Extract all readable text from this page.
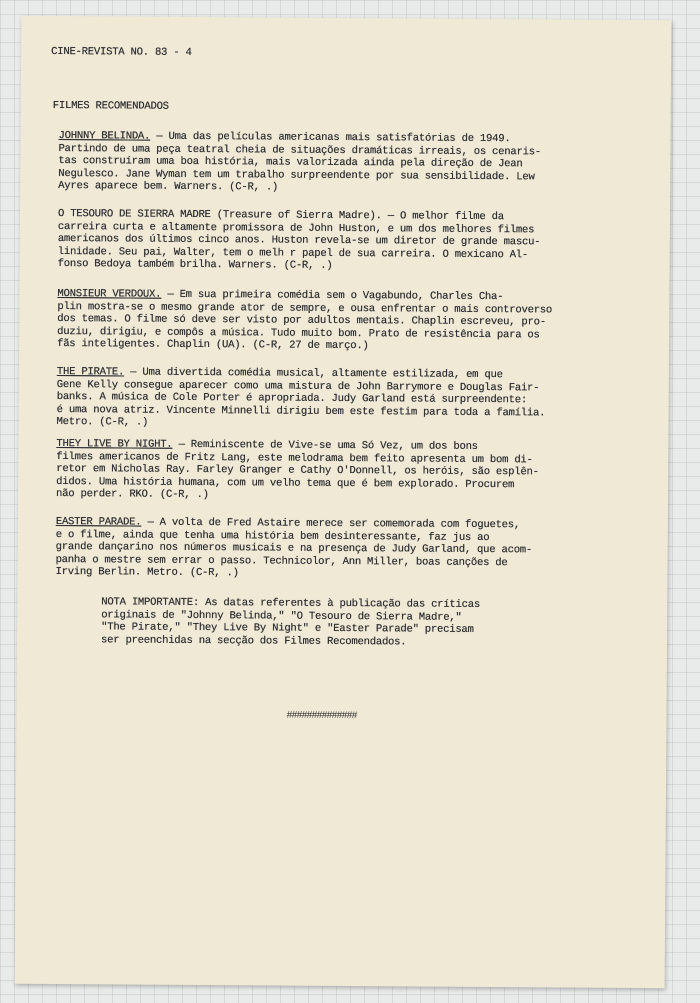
CINE-REVISTA NO. 83 - 4
FILMES RECOMENDADOS
JOHNNY BELINDA. — Uma das películas americanas mais satisfatórias de 1949.
Partindo de uma peça teatral cheia de situações dramáticas irreais, os cenaris-
tas construíram uma boa história, mais valorizada ainda pela direção de Jean
Negulesco. Jane Wyman tem um trabalho surpreendente por sua sensibilidade. Lew
Ayres aparece bem. Warners. (C-R, .)
O TESOURO DE SIERRA MADRE (Treasure of Sierra Madre). — O melhor filme da
carreira curta e altamente promissora de John Huston, e um dos melhores filmes
americanos dos últimos cinco anos. Huston revela-se um diretor de grande mascu-
linidade. Seu pai, Walter, tem o melh r papel de sua carreira. O mexicano Al-
fonso Bedoya também brilha. Warners. (C-R, .)
MONSIEUR VERDOUX. — Em sua primeira comédia sem o Vagabundo, Charles Cha-
plin mostra-se o mesmo grande ator de sempre, e ousa enfrentar o mais controverso
dos temas. O filme só deve ser visto por adultos mentais. Chaplin escreveu, pro-
duziu, dirigiu, e compôs a música. Tudo muito bom. Prato de resistência para os
fãs inteligentes. Chaplin (UA). (C-R, 27 de março.)
THE PIRATE. — Uma divertida comédia musical, altamente estilizada, em que
Gene Kelly consegue aparecer como uma mistura de John Barrymore e Douglas Fair-
banks. A música de Cole Porter é apropriada. Judy Garland está surpreendente:
é uma nova atriz. Vincente Minnelli dirigiu bem este festim para toda a família.
Metro. (C-R, .)
THEY LIVE BY NIGHT. — Reminiscente de Vive-se uma Só Vez, um dos bons
filmes americanos de Fritz Lang, este melodrama bem feito apresenta um bom di-
retor em Nicholas Ray. Farley Granger e Cathy O'Donnell, os heróis, são esplên-
didos. Uma história humana, com um velho tema que é bem explorado. Procurem
não perder. RKO. (C-R, .)
EASTER PARADE. — A volta de Fred Astaire merece ser comemorada com foguetes,
e o filme, ainda que tenha uma história bem desinteressante, faz jus ao
grande dançarino nos números musicais e na presença de Judy Garland, que acom-
panha o mestre sem errar o passo. Technicolor, Ann Miller, boas canções de
Irving Berlin. Metro. (C-R, .)
NOTA IMPORTANTE: As datas referentes à publicação das críticas
originais de "Johnny Belinda," "O Tesouro de Sierra Madre,"
"The Pirate," "They Live By Night" e "Easter Parade" precisam
ser preenchidas na secção dos Filmes Recomendados.
##############
